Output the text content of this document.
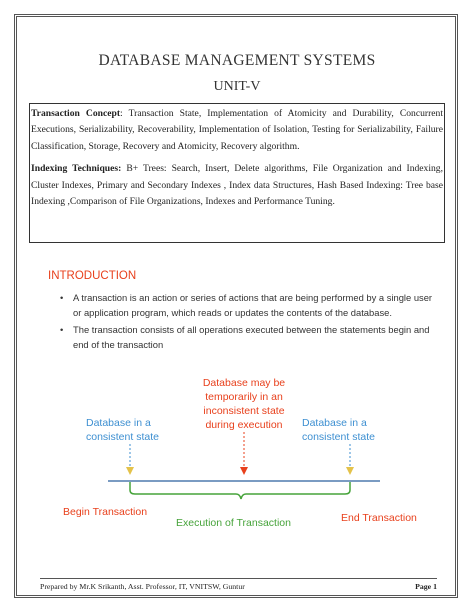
DATABASE MANAGEMENT SYSTEMS
UNIT-V

Transaction Concept: Transaction State, Implementation of Atomicity and Durability, Concurrent Executions, Serializability, Recoverability, Implementation of Isolation, Testing for Serializability, Failure Classification, Storage, Recovery and Atomicity, Recovery algorithm.

Indexing Techniques: B+ Trees: Search, Insert, Delete algorithms, File Organization and Indexing, Cluster Indexes, Primary and Secondary Indexes , Index data Structures, Hash Based Indexing: Tree base Indexing ,Comparison of File Organizations, Indexes and Performance Tuning.

INTRODUCTION
• A transaction is an action or series of actions that are being performed by a single user or application program, which reads or updates the contents of the database.
• The transaction consists of all operations executed between the statements begin and end of the transaction
Database may be
temporarily in an
inconsistent state
during execution
Database in a
consistent state
Database in a
consistent state
Begin Transaction
Execution of Transaction	End Transaction
Prepared by Mr.K Srikanth, Asst. Professor, IT, VNITSW, Guntur	Page 1
